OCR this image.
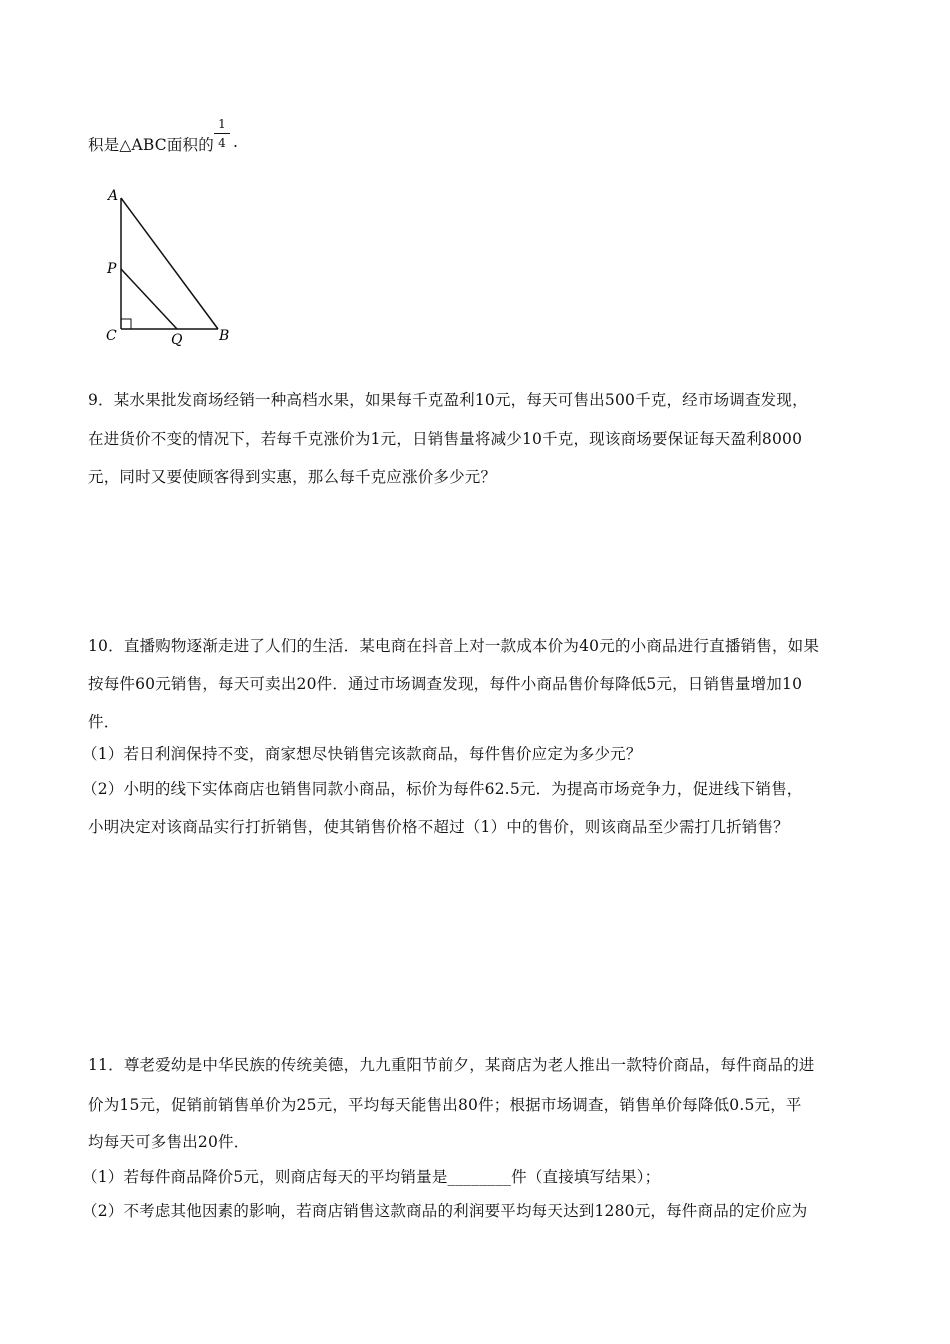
积是△ABC面积的
1
4 .
A
P
C	Q	B
9．某水果批发商场经销一种高档水果，如果每千克盈利10元，每天可售出500千克，经市场调查发现，
在进货价不变的情况下，若每千克涨价为1元，日销售量将减少10千克，现该商场要保证每天盈利8000
元，同时又要使顾客得到实惠，那么每千克应涨价多少元？
10．直播购物逐渐走进了人们的生活．某电商在抖音上对一款成本价为40元的小商品进行直播销售，如果
按每件60元销售，每天可卖出20件．通过市场调查发现，每件小商品售价每降低5元，日销售量增加10
件．
（1）若日利润保持不变，商家想尽快销售完该款商品，每件售价应定为多少元？
（2）小明的线下实体商店也销售同款小商品，标价为每件62.5元．为提高市场竞争力，促进线下销售，
小明决定对该商品实行打折销售，使其销售价格不超过（1）中的售价，则该商品至少需打几折销售？
11．尊老爱幼是中华民族的传统美德，九九重阳节前夕，某商店为老人推出一款特价商品，每件商品的进
价为15元，促销前销售单价为25元，平均每天能售出80件；根据市场调查，销售单价每降低0.5元，平
均每天可多售出20件．
（1）若每件商品降价5元，则商店每天的平均销量是________件（直接填写结果）；
（2）不考虑其他因素的影响，若商店销售这款商品的利润要平均每天达到1280元，每件商品的定价应为
